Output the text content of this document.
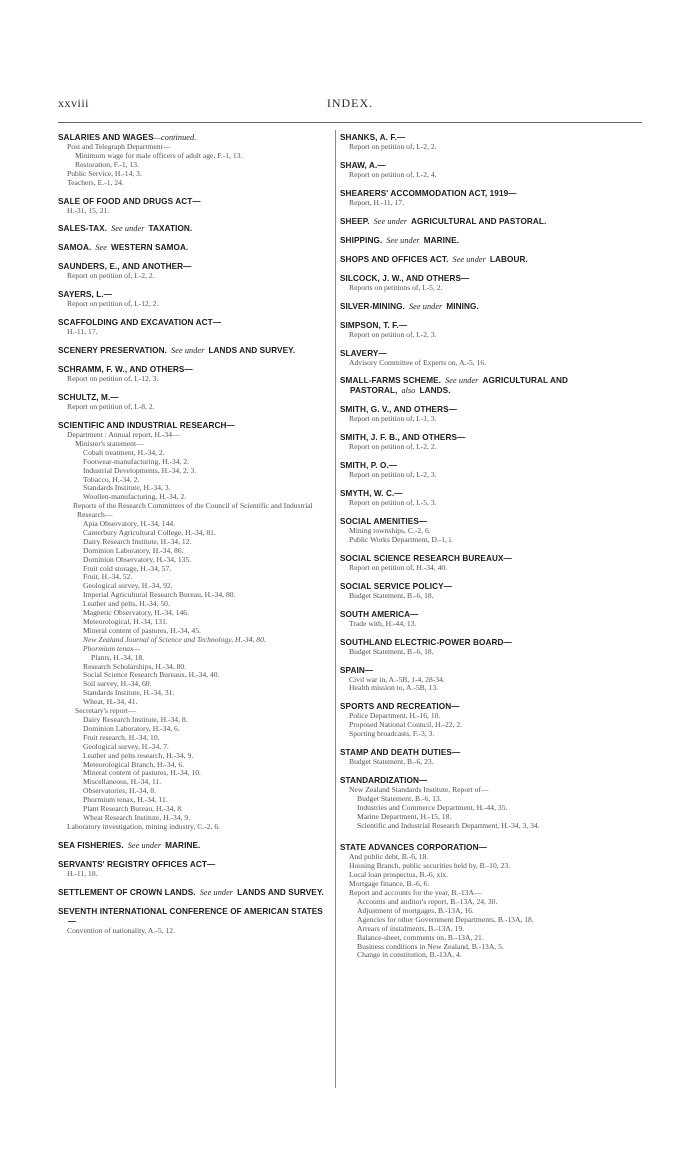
xxviii	INDEX.
SALARIES AND WAGES—continued.
Post and Telegraph Department—
Minimum wage for male officers of adult age, F.-1, 13.
Restoration, F.-1, 13.
Public Service, H.-14, 3.
Teachers, E.-1, 24.
SALE OF FOOD AND DRUGS ACT—
H.-31, 15, 21.
SALES-TAX. See under TAXATION.
SAMOA. See WESTERN SAMOA.
SAUNDERS, E., AND ANOTHER—
Report on petition of, I.-2, 2.
SAYERS, L.—
Report on petition of, I.-12, 2.
SCAFFOLDING AND EXCAVATION ACT—
H.-11, 17.
SCENERY PRESERVATION. See under LANDS AND SURVEY.
SCHRAMM, F. W., AND OTHERS—
Report on petition of, I.-12, 3.
SCHULTZ, M.—
Report on petition of, I.-8, 2.
SCIENTIFIC AND INDUSTRIAL RESEARCH—
Department : Annual report, H.-34—
Minister's statement—
Cobalt treatment, H.-34, 2.
Footwear-manufacturing, H.-34, 2.
Industrial Developments, H.-34, 2, 3.
Tobacco, H.-34, 2.
Standards Institute, H.-34, 3.
Woollen-manufacturing, H.-34, 2.
Reports of the Research Committees of the Council of Scientific and Industrial Research—
Apia Observatory, H.-34, 144.
Canterbury Agricultural College, H.-34, 81.
Dairy Research Institute, H.-34, 12.
Dominion Laboratory, H.-34, 86.
Dominion Observatory, H.-34, 135.
Fruit cold storage, H.-34, 57.
Fruit, H.-34, 52.
Geological survey, H.-34, 92.
Imperial Agricultural Research Bureau, H.-34, 80.
Leather and pelts, H.-34, 50.
Magnetic Observatory, H.-34, 146.
Meteorological, H.-34, 131.
Mineral content of pastures, H.-34, 45.
New Zealand Journal of Science and Technology, H.-34, 80.
Phormium tenax—
Plants, H.-34, 18.
Research Scholarships, H.-34, 80.
Social Science Research Bureaux, H.-34, 40.
Soil survey, H.-34, 60.
Standards Institute, H.-34, 31.
Wheat, H.-34, 41.
Secretary's report—
Dairy Research Institute, H.-34, 8.
Dominion Laboratory, H.-34, 6.
Fruit research, H.-34, 10.
Geological survey, H.-34, 7.
Leather and pelts research, H.-34, 9.
Meteorological Branch, H.-34, 6.
Mineral content of pastures, H.-34, 10.
Miscellaneous, H.-34, 11.
Observatories, H.-34, 8.
Phormium tenax, H.-34, 11.
Plant Research Bureau, H.-34, 8.
Wheat Research Institute, H.-34, 9.
Laboratory investigation, mining industry, C.-2, 6.
SEA FISHERIES. See under MARINE.
SERVANTS' REGISTRY OFFICES ACT—
H.-11, 18.
SETTLEMENT OF CROWN LANDS. See under LANDS AND SURVEY.
SEVENTH INTERNATIONAL CONFERENCE OF AMERICAN STATES—
Convention of nationality, A.-5, 12.
SHANKS, A. F.—
Report on petition of, I.-2, 2.
SHAW, A.—
Report on petition of, I.-2, 4.
SHEARERS' ACCOMMODATION ACT, 1919—
Report, H.-11, 17.
SHEEP. See under AGRICULTURAL AND PASTORAL.
SHIPPING. See under MARINE.
SHOPS AND OFFICES ACT. See under LABOUR.
SILCOCK, J. W., AND OTHERS—
Reports on petitions of, I.-5, 2.
SILVER-MINING. See under MINING.
SIMPSON, T. F.—
Report on petition of, I.-2, 3.
SLAVERY—
Advisory Committee of Experts on, A.-5, 16.
SMALL-FARMS SCHEME. See under AGRICULTURAL AND PASTORAL, also LANDS.
SMITH, G. V., AND OTHERS—
Report on petition of, I.-1, 3.
SMITH, J. F. B., AND OTHERS—
Report on petition of, I.-2, 2.
SMITH, P. O.—
Report on petition of, I.-2, 3.
SMYTH, W. C.—
Report on petition of, I.-5, 3.
SOCIAL AMENITIES—
Mining townships, C.-2, 6.
Public Works Department, D.-1, i.
SOCIAL SCIENCE RESEARCH BUREAUX—
Report on petition of, H.-34, 40.
SOCIAL SERVICE POLICY—
Budget Statement, B.-6, 18.
SOUTH AMERICA—
Trade with, H.-44, 13.
SOUTHLAND ELECTRIC-POWER BOARD—
Budget Statement, B.-6, 18.
SPAIN—
Civil war in, A.-5B, 1-4, 28-34.
Health mission to, A.-5B, 13.
SPORTS AND RECREATION—
Police Department, H.-16, 10.
Proposed National Council, H.-22, 2.
Sporting broadcasts, F.-3, 3.
STAMP AND DEATH DUTIES—
Budget Statement, B.-6, 23.
STANDARDIZATION—
New Zealand Standards Institute, Report of—
Budget Statement, B.-6, 13.
Industries and Commerce Department, H.-44, 35.
Marine Department, H.-15, 18.
Scientific and Industrial Research Department, H.-34, 3, 34.
STATE ADVANCES CORPORATION—
And public debt, B.-6, 18.
Housing Branch, public securities held by, B.-10, 23.
Local loan prospectus, B.-6, xix.
Mortgage finance, B.-6, 6.
Report and accounts for the year, B.-13A—
Accounts and auditor's report, B.-13A, 24, 30.
Adjustment of mortgages, B.-13A, 16.
Agencies for other Government Departments, B.-13A, 18.
Arrears of instalments, B.-13A, 19.
Balance-sheet, comments on, B.-13A, 21.
Business conditions in New Zealand, B.-13A, 5.
Change in constitution, B.-13A, 4.
